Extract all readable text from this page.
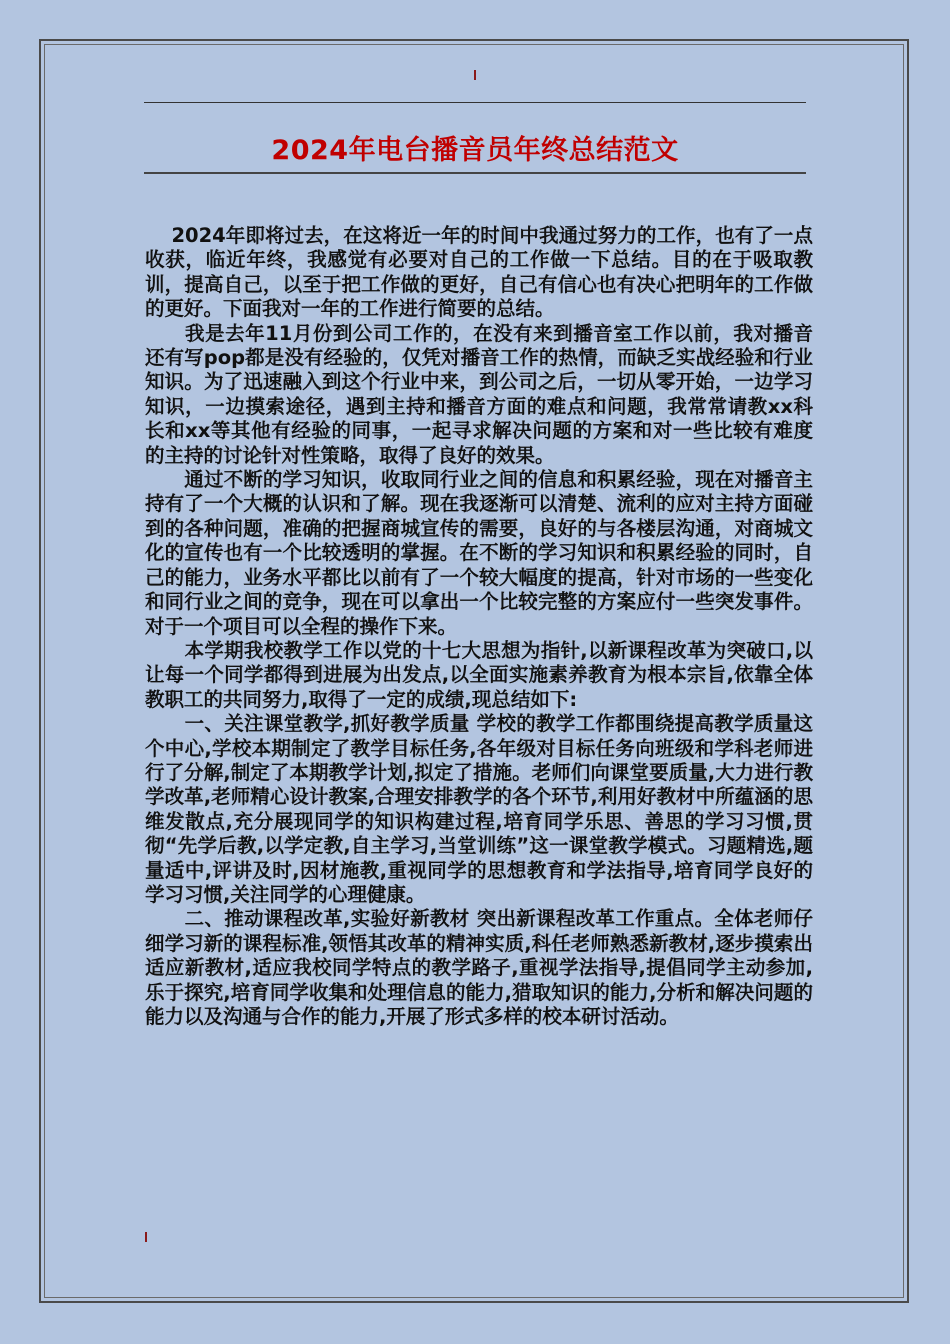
2024年电台播音员年终总结范文

　 2024年即将过去，在这将近一年的时间中我通过努力的工作，也有了一点收获，临近年终，我感觉有必要对自己的工作做一下总结。目的在于吸取教训，提高自己，以至于把工作做的更好，自己有信心也有决心把明年的工作做的更好。下面我对一年的工作进行简要的总结。

　　我是去年11月份到公司工作的，在没有来到播音室工作以前，我对播音还有写pop都是没有经验的，仅凭对播音工作的热情，而缺乏实战经验和行业知识。为了迅速融入到这个行业中来，到公司之后，一切从零开始，一边学习知识，一边摸索途径，遇到主持和播音方面的难点和问题，我常常请教xx科长和xx等其他有经验的同事，一起寻求解决问题的方案和对一些比较有难度的主持的讨论针对性策略，取得了良好的效果。

　　通过不断的学习知识，收取同行业之间的信息和积累经验，现在对播音主持有了一个大概的认识和了解。现在我逐渐可以清楚、流利的应对主持方面碰到的各种问题，准确的把握商城宣传的需要，良好的与各楼层沟通，对商城文化的宣传也有一个比较透明的掌握。在不断的学习知识和积累经验的同时，自己的能力，业务水平都比以前有了一个较大幅度的提高，针对市场的一些变化和同行业之间的竞争，现在可以拿出一个比较完整的方案应付一些突发事件。对于一个项目可以全程的操作下来。

　　本学期我校教学工作以党的十七大思想为指针,以新课程改革为突破口,以让每一个同学都得到进展为出发点,以全面实施素养教育为根本宗旨,依靠全体教职工的共同努力,取得了一定的成绩,现总结如下:

　　一、关注课堂教学,抓好教学质量 学校的教学工作都围绕提高教学质量这个中心,学校本期制定了教学目标任务,各年级对目标任务向班级和学科老师进行了分解,制定了本期教学计划,拟定了措施。老师们向课堂要质量,大力进行教学改革,老师精心设计教案,合理安排教学的各个环节,利用好教材中所蕴涵的思维发散点,充分展现同学的知识构建过程,培育同学乐思、善思的学习习惯,贯彻“先学后教,以学定教,自主学习,当堂训练”这一课堂教学模式。习题精选,题量适中,评讲及时,因材施教,重视同学的思想教育和学法指导,培育同学良好的学习习惯,关注同学的心理健康。

　　二、推动课程改革,实验好新教材 突出新课程改革工作重点。全体老师仔细学习新的课程标准,领悟其改革的精神实质,科任老师熟悉新教材,逐步摸索出适应新教材,适应我校同学特点的教学路子,重视学法指导,提倡同学主动参加,乐于探究,培育同学收集和处理信息的能力,猎取知识的能力,分析和解决问题的能力以及沟通与合作的能力,开展了形式多样的校本研讨活动。
